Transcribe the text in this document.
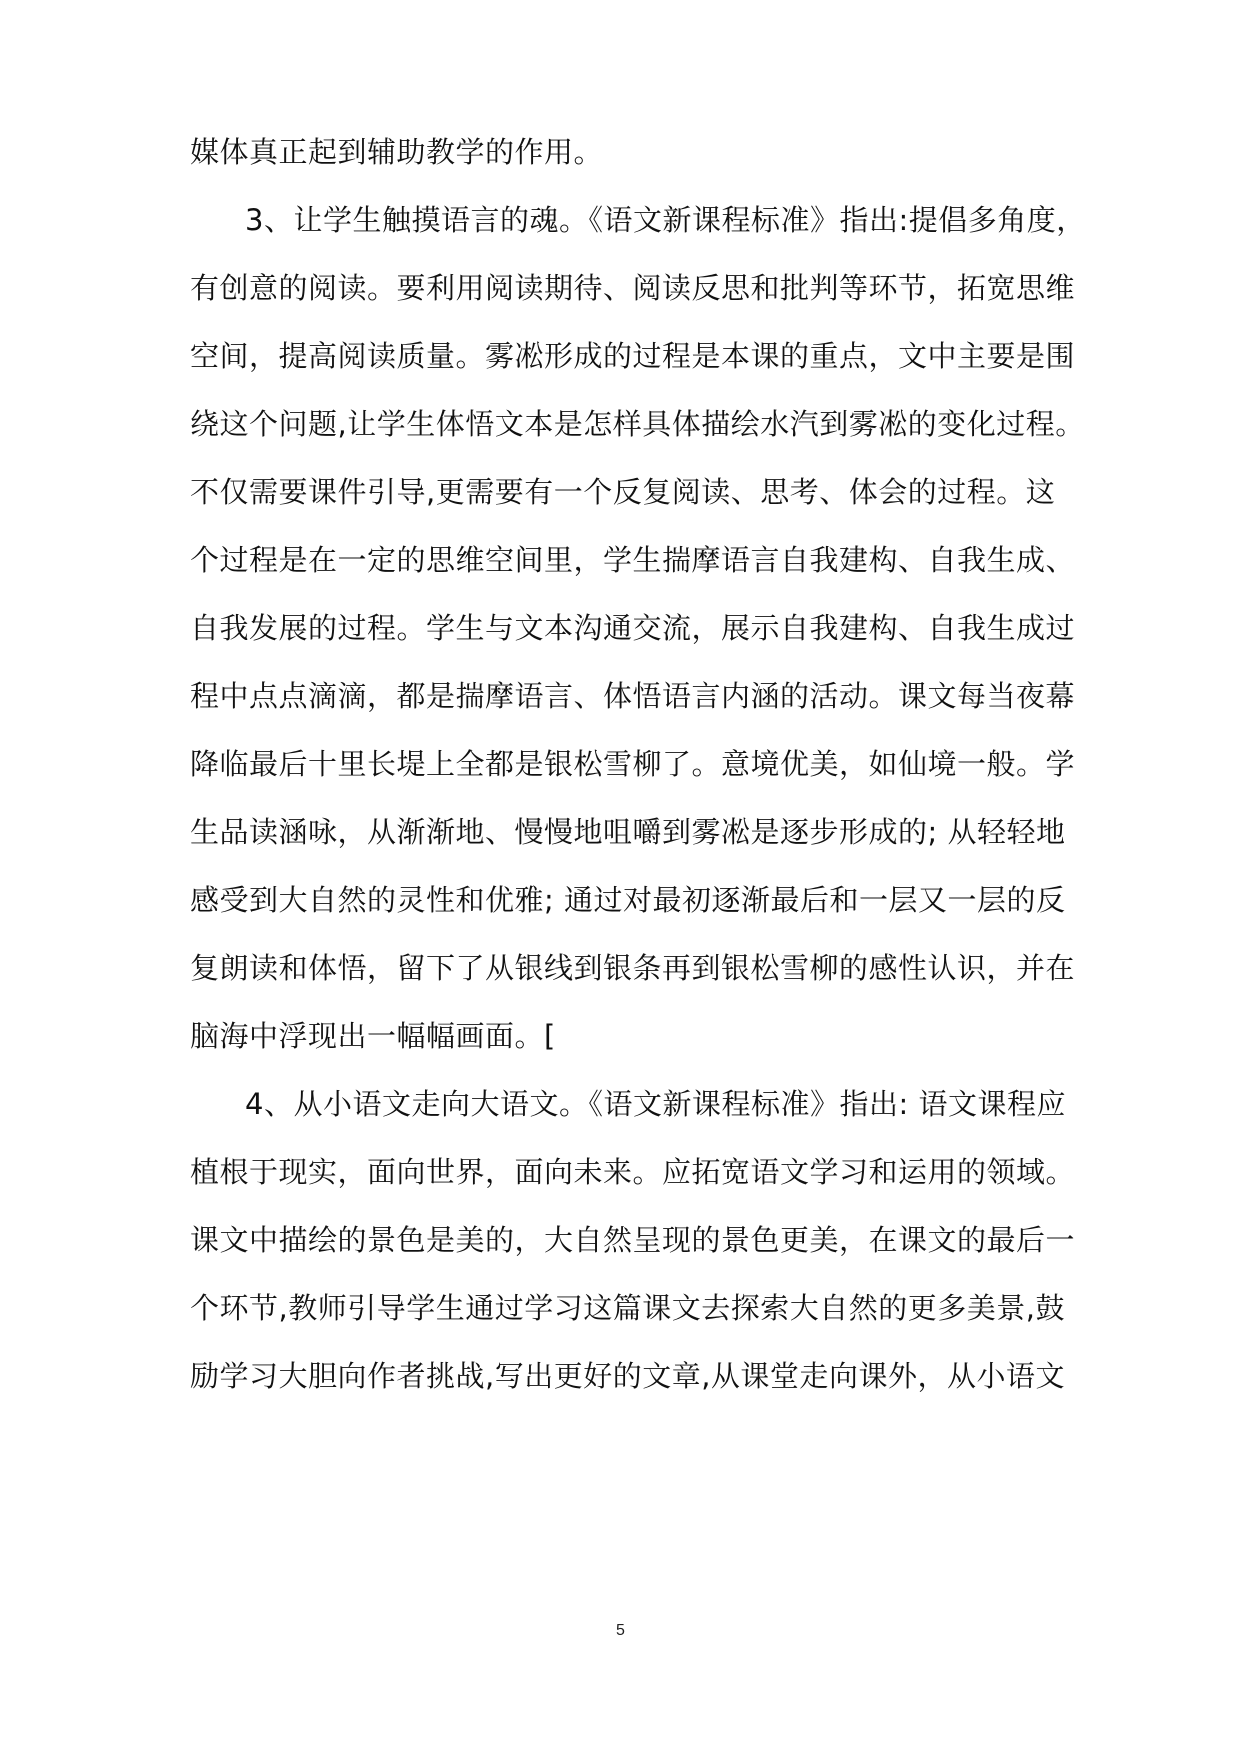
媒体真正起到辅助教学的作用。
3、让学生触摸语言的魂。《语文新课程标准》指出:提倡多角度，
有创意的阅读。要利用阅读期待、阅读反思和批判等环节，拓宽思维
空间，提高阅读质量。雾凇形成的过程是本课的重点，文中主要是围
绕这个问题,让学生体悟文本是怎样具体描绘水汽到雾凇的变化过程。
不仅需要课件引导,更需要有一个反复阅读、思考、体会的过程。这
个过程是在一定的思维空间里，学生揣摩语言自我建构、自我生成、
自我发展的过程。学生与文本沟通交流，展示自我建构、自我生成过
程中点点滴滴，都是揣摩语言、体悟语言内涵的活动。课文每当夜幕
降临最后十里长堤上全都是银松雪柳了。意境优美，如仙境一般。学
生品读涵咏，从渐渐地、慢慢地咀嚼到雾凇是逐步形成的; 从轻轻地
感受到大自然的灵性和优雅; 通过对最初逐渐最后和一层又一层的反
复朗读和体悟，留下了从银线到银条再到银松雪柳的感性认识，并在
脑海中浮现出一幅幅画面。[
4、从小语文走向大语文。《语文新课程标准》指出: 语文课程应
植根于现实，面向世界，面向未来。应拓宽语文学习和运用的领域。
课文中描绘的景色是美的，大自然呈现的景色更美，在课文的最后一
个环节,教师引导学生通过学习这篇课文去探索大自然的更多美景,鼓
励学习大胆向作者挑战,写出更好的文章,从课堂走向课外，从小语文
5
